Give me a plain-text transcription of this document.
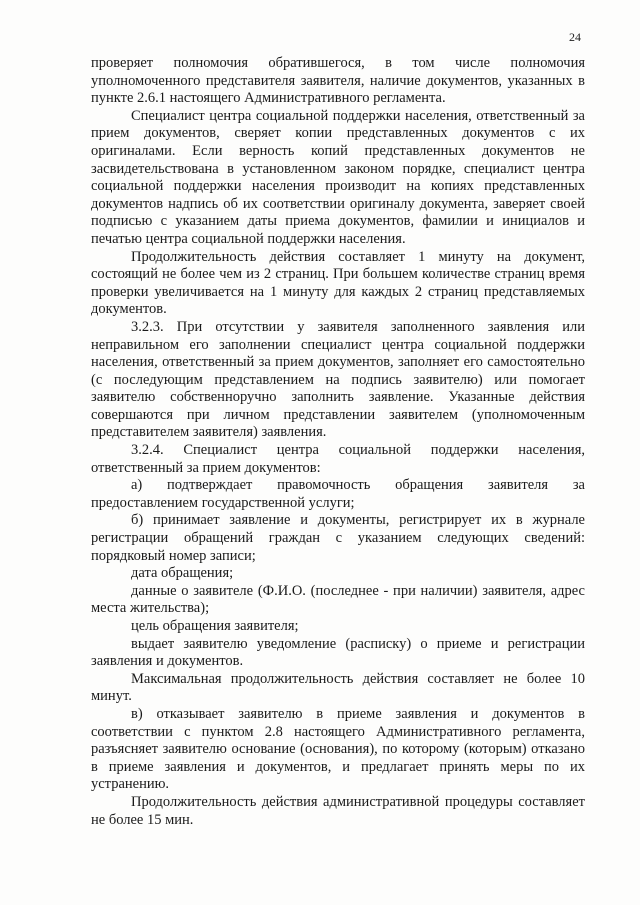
24

проверяет полномочия обратившегося, в том числе полномочия уполномоченного представителя заявителя, наличие документов, указанных в пункте 2.6.1 настоящего Административного регламента.

Специалист центра социальной поддержки населения, ответственный за прием документов, сверяет копии представленных документов с их оригиналами. Если верность копий представленных документов не засвидетельствована в установленном законом порядке, специалист центра социальной поддержки населения производит на копиях представленных документов надпись об их соответствии оригиналу документа, заверяет своей подписью с указанием даты приема документов, фамилии и инициалов и печатью центра социальной поддержки населения.

Продолжительность действия составляет 1 минуту на документ, состоящий не более чем из 2 страниц. При большем количестве страниц время проверки увеличивается на 1 минуту для каждых 2 страниц представляемых документов.

3.2.3. При отсутствии у заявителя заполненного заявления или неправильном его заполнении специалист центра социальной поддержки населения, ответственный за прием документов, заполняет его самостоятельно (с последующим представлением на подпись заявителю) или помогает заявителю собственноручно заполнить заявление. Указанные действия совершаются при личном представлении заявителем (уполномоченным представителем заявителя) заявления.

3.2.4. Специалист центра социальной поддержки населения, ответственный за прием документов:

а) подтверждает правомочность обращения заявителя за предоставлением государственной услуги;

б) принимает заявление и документы, регистрирует их в журнале регистрации обращений граждан с указанием следующих сведений: порядковый номер записи;

дата обращения;

данные о заявителе (Ф.И.О. (последнее - при наличии) заявителя, адрес места жительства);

цель обращения заявителя;

выдает заявителю уведомление (расписку) о приеме и регистрации заявления и документов.

Максимальная продолжительность действия составляет не более 10 минут.

в) отказывает заявителю в приеме заявления и документов в соответствии с пунктом 2.8 настоящего Административного регламента, разъясняет заявителю основание (основания), по которому (которым) отказано в приеме заявления и документов, и предлагает принять меры по их устранению.

Продолжительность действия административной процедуры составляет не более 15 мин.
